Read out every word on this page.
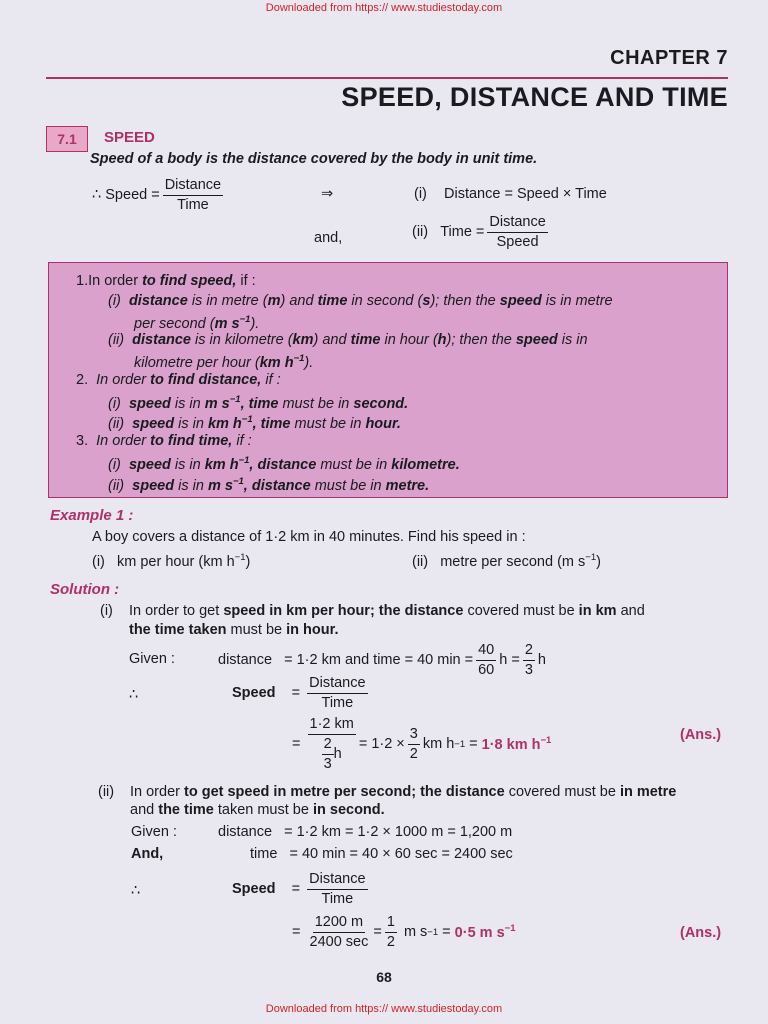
Downloaded from https:// www.studiestoday.com
Downloaded from https:// www.studiestoday.com
CHAPTER 7
SPEED, DISTANCE AND TIME
7.1	SPEED
Speed of a body is the distance covered by the body in unit time.
∴
Speed = $\frac{\text{Distance}}{\text{Time}}$	⇒	(i) Distance = Speed × Time
and,	(ii)
Time = $\frac{\text{Distance}}{\text{Speed}}$
1.In order to find speed, if :
(i) distance is in metre (m) and time in second (s); then the speed is in metre
per second (m $s^{-1}$).
(ii) distance is in kilometre (km) and time in hour (h); then the speed is in
kilometre per hour (km $h^{-1}$).
2. In order to find distance, if :
(i) speed is in m $s^{-1}$, time must be in second.
(ii) speed is in km $h^{-1}$, time must be in hour.
3. In order to find time, if :
(i) speed is in km $h^{-1}$, distance must be in kilometre.
(ii) speed is in m $s^{-1}$, distance must be in metre.
Example 1 :
A boy covers a distance of 1·2 km in 40 minutes. Find his speed in :
(i) km per hour (km $h^{-1}$)	(ii) metre per second (m $s^{-1}$)
Solution :
(i) In order to get speed in km per hour; the distance covered must be in km and
the time taken must be in hour.
Given :	distance
= 1·2 km and time = 40 $\min = \frac{40}{60}$ $h = \frac{2}{3}$ h
∴	Speed
=
$\frac{\text{Distance}}{\text{Time}}$
=
$\frac{1\cdot 2 km}{\frac{2}{3} h} = 1\cdot 2 \times \frac{3}{2}$ km h −1 = 1·8 km $h^{-1}$	(Ans.)
(ii) In order to get speed in metre per second; the distance covered must be in metre
and the time taken must be in second.
Given :	distance = 1·2 km = 1·2 × 1000 m = 1,200 m
And,	time = 40 min = 40 × 60 sec = 2400 sec
∴	Speed
=
$\frac{\text{Distance}}{\text{Time}}$
=
$\frac{1200 m}{2400 \sec} = \frac{1}{2}$
m s −1 = 0·5 m $s^{-1}$	(Ans.)
68
